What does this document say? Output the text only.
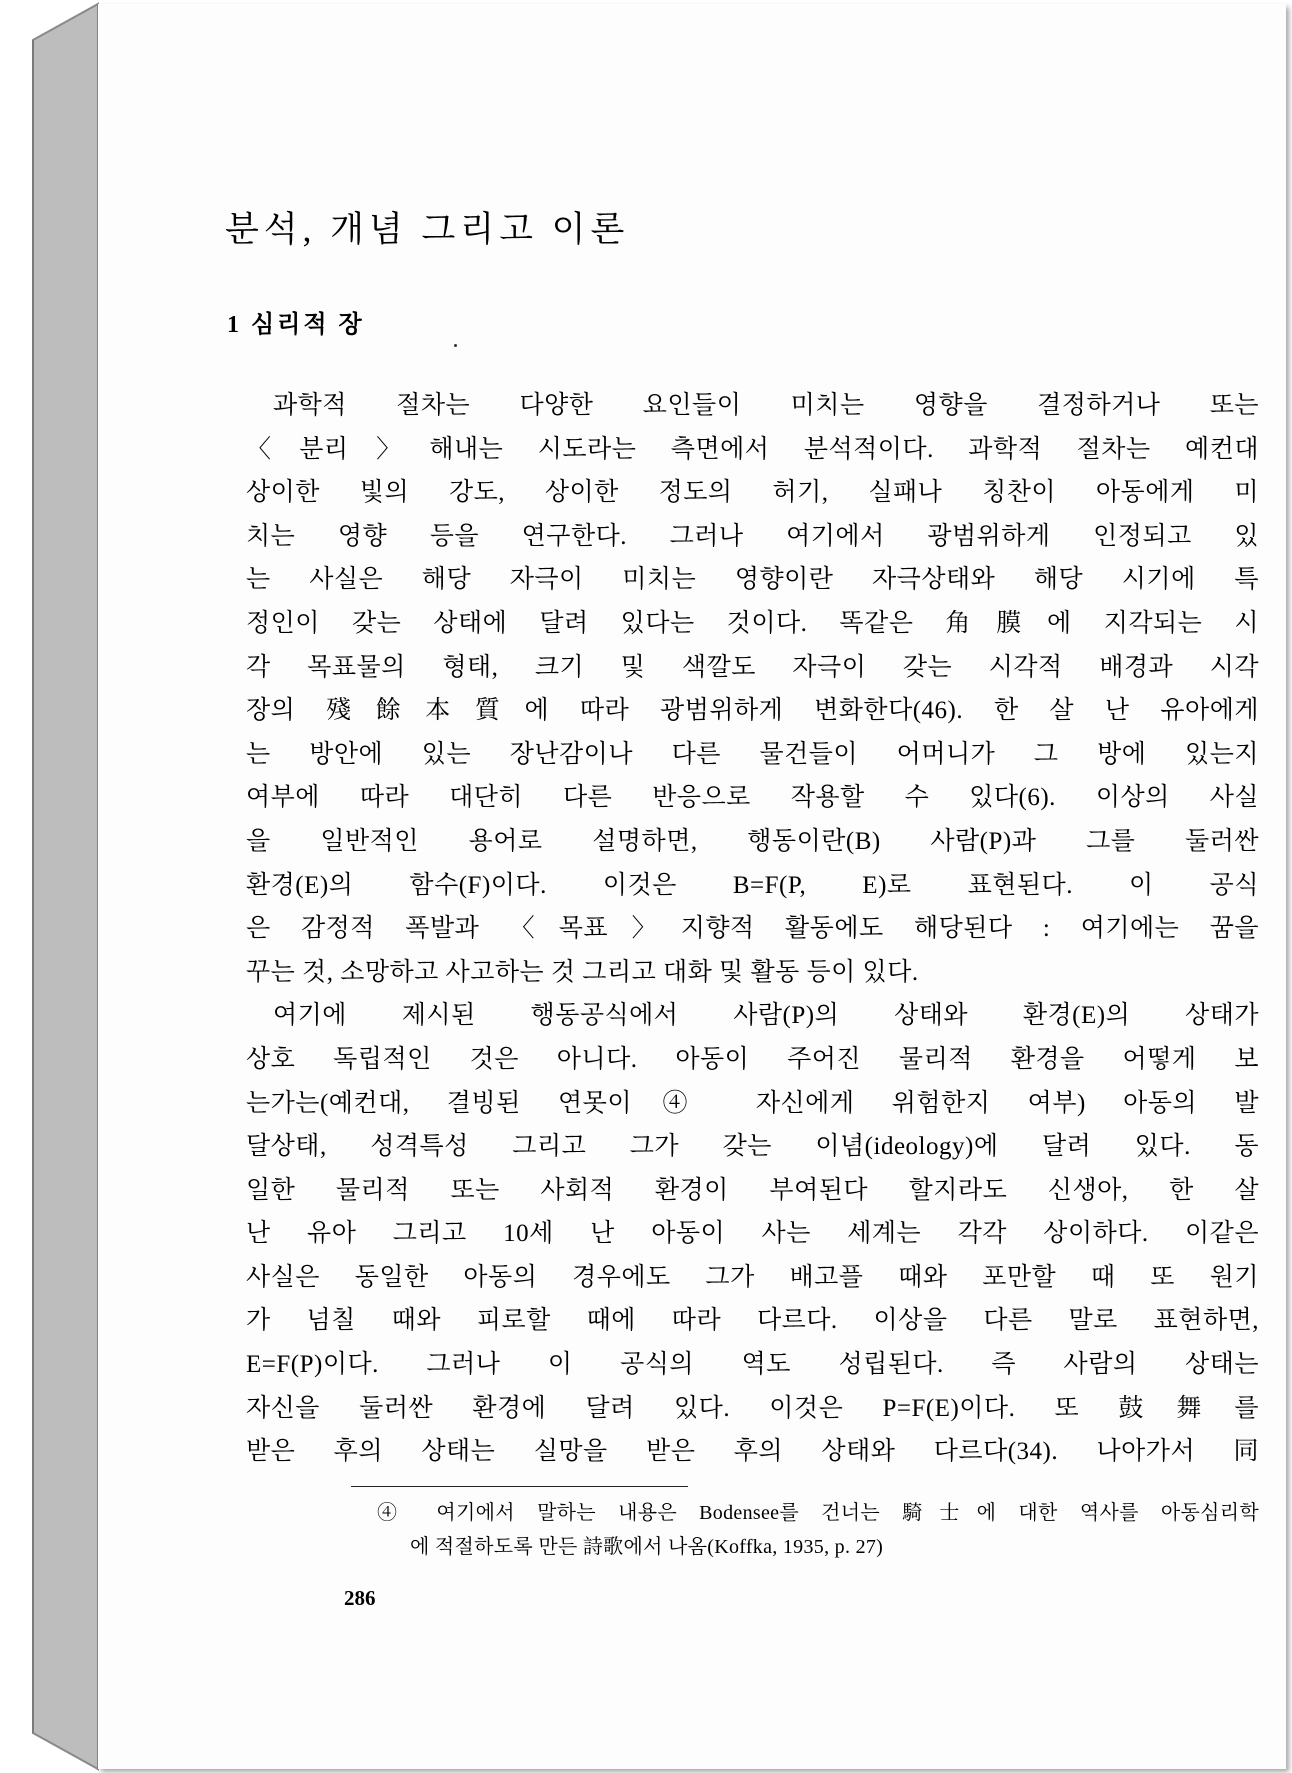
분석, 개념 그리고 이론
1 심리적 장
과학적 절차는 다양한 요인들이 미치는 영향을 결정하거나 또는
〈분리〉해내는 시도라는 측면에서 분석적이다. 과학적 절차는 예컨대
상이한 빛의 강도, 상이한 정도의 허기, 실패나 칭찬이 아동에게 미
치는 영향 등을 연구한다. 그러나 여기에서 광범위하게 인정되고 있
는 사실은 해당 자극이 미치는 영향이란 자극상태와 해당 시기에 특
정인이 갖는 상태에 달려 있다는 것이다. 똑같은 角膜에 지각되는 시
각 목표물의 형태, 크기 및 색깔도 자극이 갖는 시각적 배경과 시각
장의 殘餘本質에 따라 광범위하게 변화한다(46). 한 살 난 유아에게
는 방안에 있는 장난감이나 다른 물건들이 어머니가 그 방에 있는지
여부에 따라 대단히 다른 반응으로 작용할 수 있다(6). 이상의 사실
을 일반적인 용어로 설명하면, 행동이란(B) 사람(P)과 그를 둘러싼
환경(E)의 함수(F)이다. 이것은 B=F(P, E)로 표현된다. 이 공식
은 감정적 폭발과 〈목표〉지향적 활동에도 해당된다 : 여기에는 꿈을
꾸는 것, 소망하고 사고하는 것 그리고 대화 및 활동 등이 있다.
여기에 제시된 행동공식에서 사람(P)의 상태와 환경(E)의 상태가
상호 독립적인 것은 아니다. 아동이 주어진 물리적 환경을 어떻게 보
는가는(예컨대, 결빙된 연못이④ 자신에게 위험한지 여부) 아동의 발
달상태, 성격특성 그리고 그가 갖는 이념(ideology)에 달려 있다. 동
일한 물리적 또는 사회적 환경이 부여된다 할지라도 신생아, 한 살
난 유아 그리고 10세 난 아동이 사는 세계는 각각 상이하다. 이같은
사실은 동일한 아동의 경우에도 그가 배고플 때와 포만할 때 또 원기
가 넘칠 때와 피로할 때에 따라 다르다. 이상을 다른 말로 표현하면,
E=F(P)이다. 그러나 이 공식의 역도 성립된다. 즉 사람의 상태는
자신을 둘러싼 환경에 달려 있다. 이것은 P=F(E)이다. 또 鼓舞를
받은 후의 상태는 실망을 받은 후의 상태와 다르다(34). 나아가서 同
④ 여기에서 말하는 내용은 Bodensee를 건너는 騎士에 대한 역사를 아동심리학
에 적절하도록 만든 詩歌에서 나옴(Koffka, 1935, p. 27)
286
